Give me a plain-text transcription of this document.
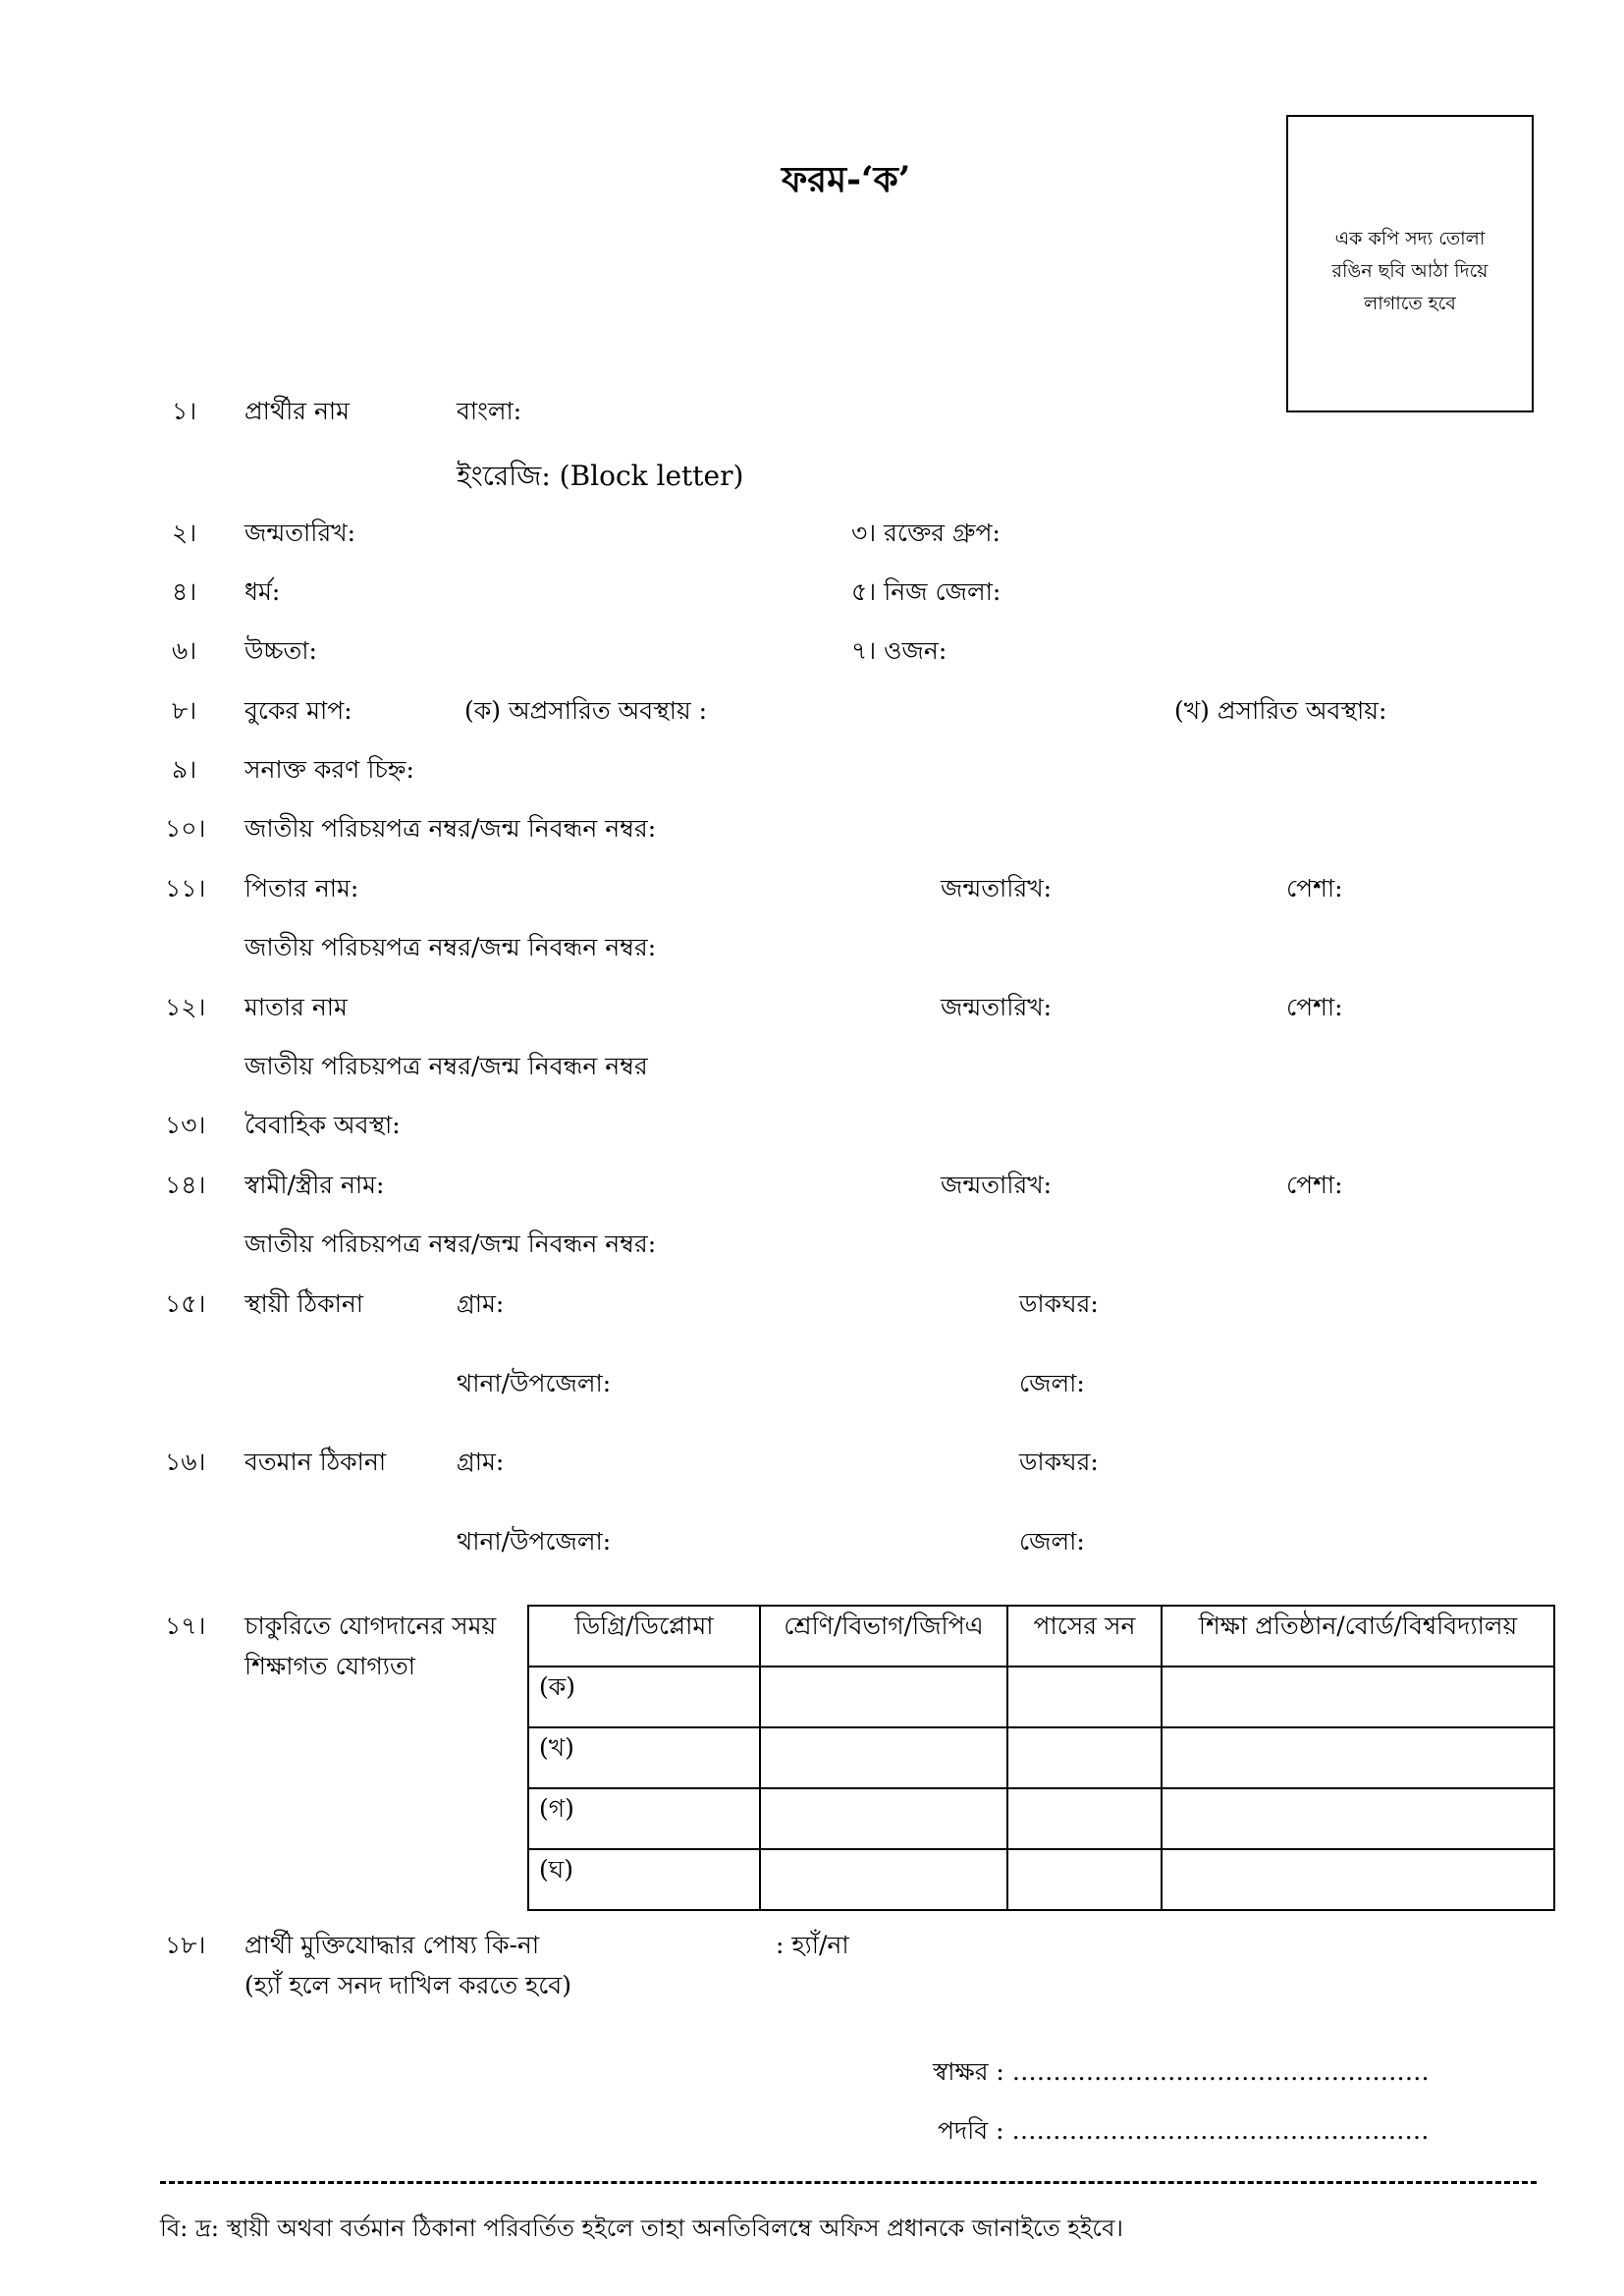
ফরম-‘ক’
এক কপি সদ্য তোলা
রঙিন ছবি আঠা দিয়ে
লাগাতে হবে
১। প্রার্থীর নাম	বাংলা:
ইংরেজি: (Block letter)
২। জন্মতারিখ:	৩। রক্তের গ্রুপ:
৪। ধর্ম:	৫। নিজ জেলা:
৬। উচ্চতা:	৭। ওজন:
৮। বুকের মাপ:	(ক) অপ্রসারিত অবস্থায় :	(খ) প্রসারিত অবস্থায়:
৯। সনাক্ত করণ চিহ্ন:
১০। জাতীয় পরিচয়পত্র নম্বর/জন্ম নিবন্ধন নম্বর:
১১। পিতার নাম:	জন্মতারিখ:	পেশা:
জাতীয় পরিচয়পত্র নম্বর/জন্ম নিবন্ধন নম্বর:
১২। মাতার নাম	জন্মতারিখ:	পেশা:
জাতীয় পরিচয়পত্র নম্বর/জন্ম নিবন্ধন নম্বর
১৩। বৈবাহিক অবস্থা:
১৪। স্বামী/স্ত্রীর নাম:	জন্মতারিখ:	পেশা:
জাতীয় পরিচয়পত্র নম্বর/জন্ম নিবন্ধন নম্বর:
১৫। স্থায়ী ঠিকানা	গ্রাম:	ডাকঘর:
থানা/উপজেলা:	জেলা:
১৬। বতমান ঠিকানা	গ্রাম:	ডাকঘর:
থানা/উপজেলা:	জেলা:
১৭। চাকুরিতে যোগদানের সময়
শিক্ষাগত যোগ্যতা
ডিগ্রি/ডিপ্লোমা	শ্রেণি/বিভাগ/জিপিএ	পাসের সন	শিক্ষা প্রতিষ্ঠান/বোর্ড/বিশ্ববিদ্যালয়
(ক)			
(খ)			
(গ)			
(ঘ)			
১৮। প্রার্থী মুক্তিযোদ্ধার পোষ্য কি-না	: হ্যাঁ/না
(হ্যাঁ হলে সনদ দাখিল করতে হবে)
স্বাক্ষর : ……………………………………………
পদবি : ……………………………………………
বি: দ্র: স্থায়ী অথবা বর্তমান ঠিকানা পরিবর্তিত হইলে তাহা অনতিবিলম্বে অফিস প্রধানকে জানাইতে হইবে।
